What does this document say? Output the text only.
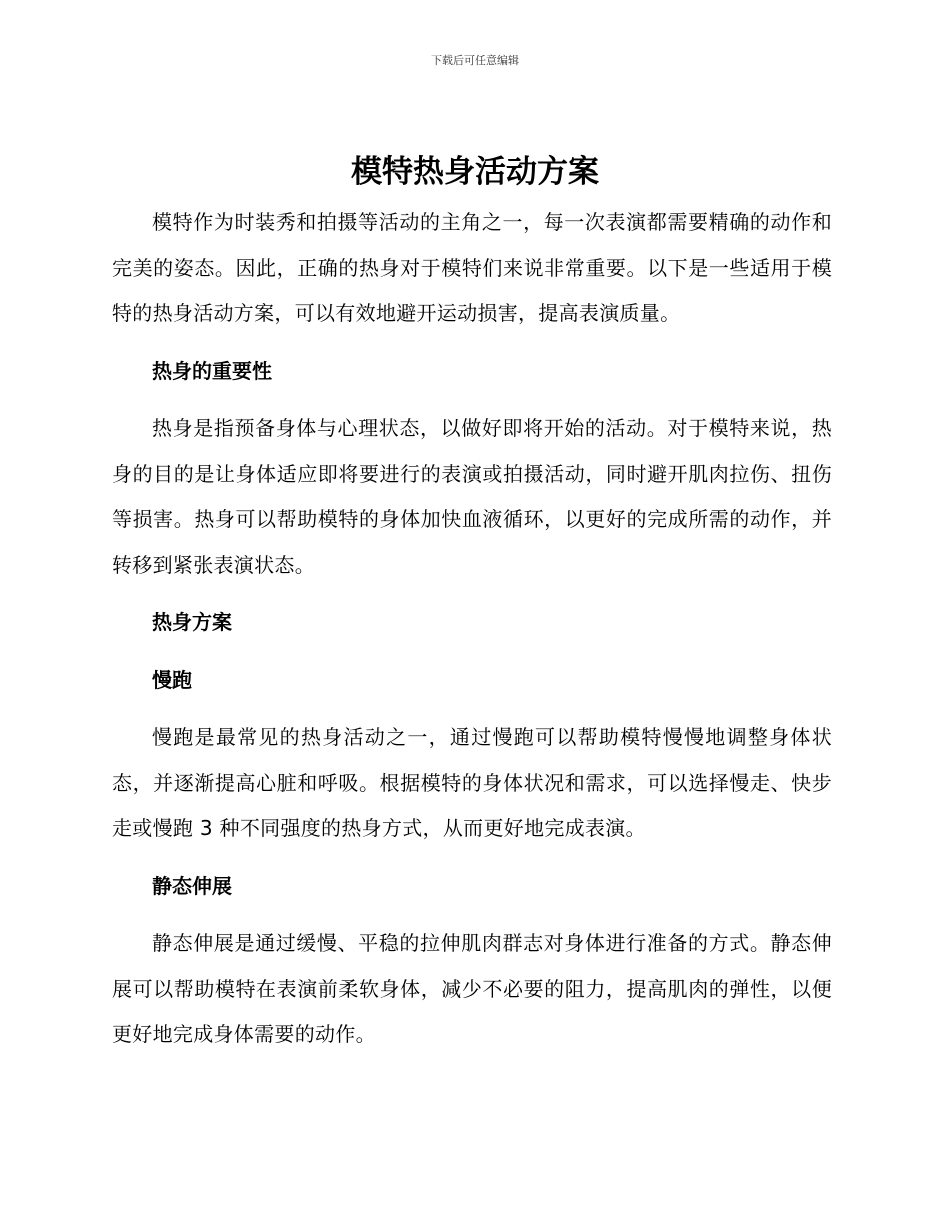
下载后可任意编辑
模特热身活动方案

模特作为时装秀和拍摄等活动的主角之一，每一次表演都需要精确的动作和完美的姿态。因此，正确的热身对于模特们来说非常重要。以下是一些适用于模特的热身活动方案，可以有效地避开运动损害，提高表演质量。

热身的重要性

热身是指预备身体与心理状态，以做好即将开始的活动。对于模特来说，热身的目的是让身体适应即将要进行的表演或拍摄活动，同时避开肌肉拉伤、扭伤等损害。热身可以帮助模特的身体加快血液循环，以更好的完成所需的动作，并转移到紧张表演状态。

热身方案

慢跑

慢跑是最常见的热身活动之一，通过慢跑可以帮助模特慢慢地调整身体状态，并逐渐提高心脏和呼吸。根据模特的身体状况和需求，可以选择慢走、快步走或慢跑 3 种不同强度的热身方式，从而更好地完成表演。

静态伸展

静态伸展是通过缓慢、平稳的拉伸肌肉群志对身体进行准备的方式。静态伸展可以帮助模特在表演前柔软身体，减少不必要的阻力，提高肌肉的弹性，以便更好地完成身体需要的动作。
